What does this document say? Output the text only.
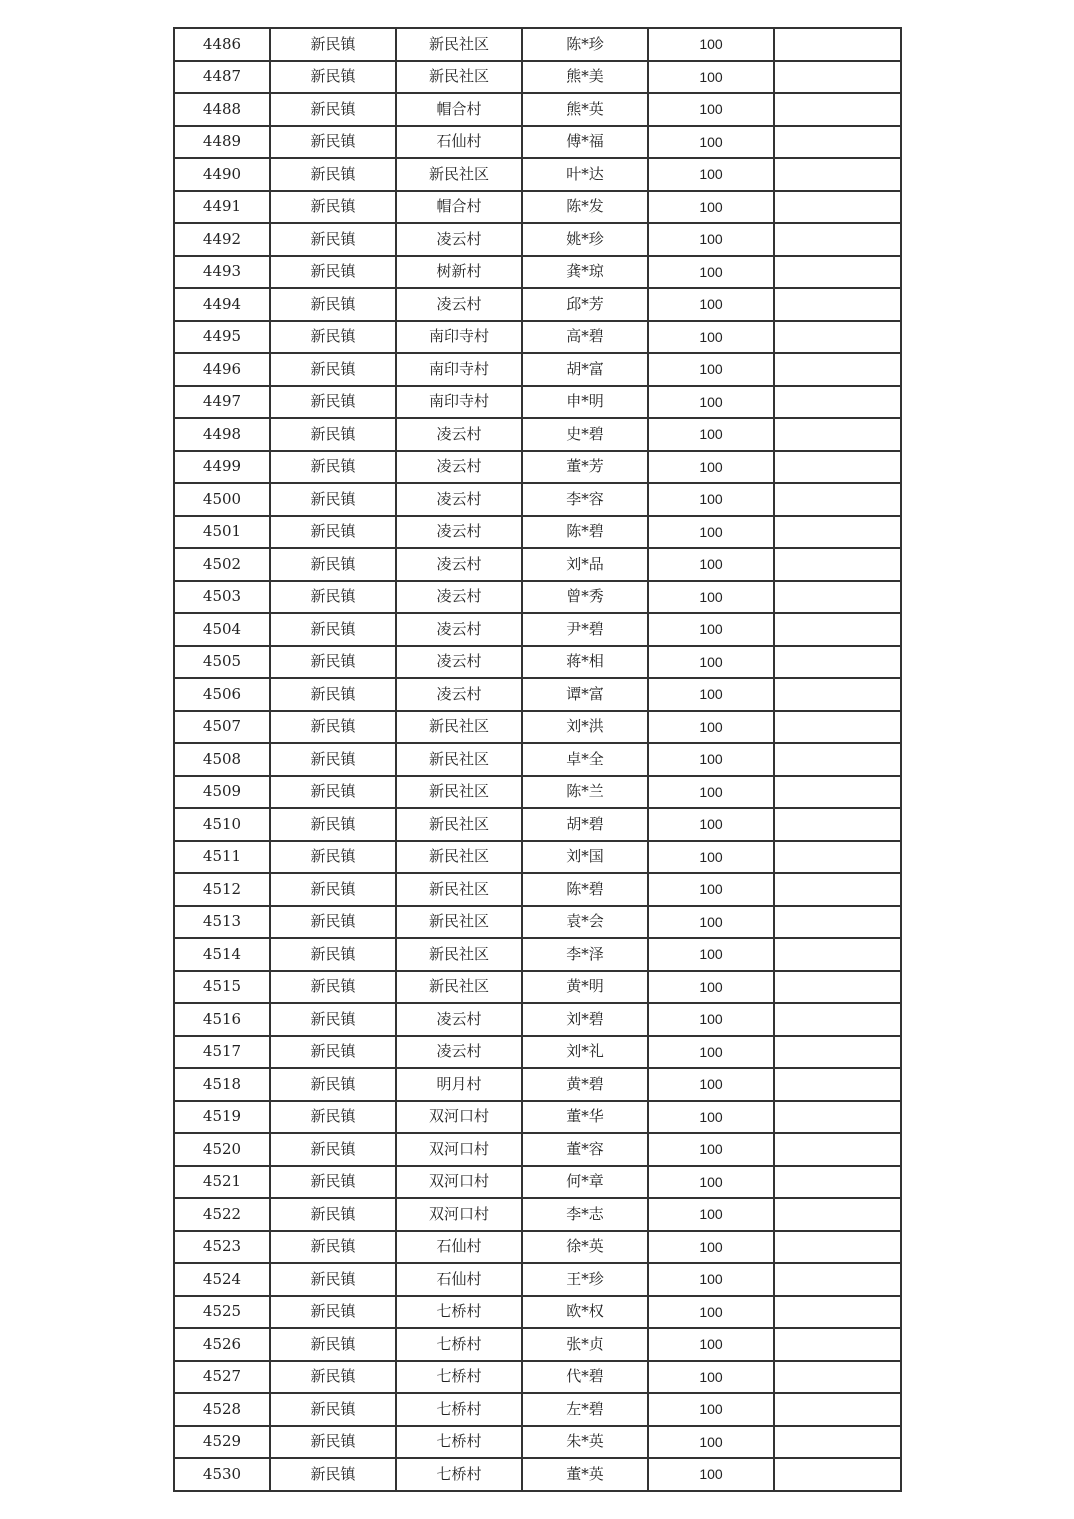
4486	新民镇	新民社区	陈*珍	100
4487	新民镇	新民社区	熊*美	100
4488	新民镇	帽合村	熊*英	100
4489	新民镇	石仙村	傅*福	100
4490	新民镇	新民社区	叶*达	100
4491	新民镇	帽合村	陈*发	100
4492	新民镇	凌云村	姚*珍	100
4493	新民镇	树新村	龚*琼	100
4494	新民镇	凌云村	邱*芳	100
4495	新民镇	南印寺村	高*碧	100
4496	新民镇	南印寺村	胡*富	100
4497	新民镇	南印寺村	申*明	100
4498	新民镇	凌云村	史*碧	100
4499	新民镇	凌云村	董*芳	100
4500	新民镇	凌云村	李*容	100
4501	新民镇	凌云村	陈*碧	100
4502	新民镇	凌云村	刘*品	100
4503	新民镇	凌云村	曾*秀	100
4504	新民镇	凌云村	尹*碧	100
4505	新民镇	凌云村	蒋*相	100
4506	新民镇	凌云村	谭*富	100
4507	新民镇	新民社区	刘*洪	100
4508	新民镇	新民社区	卓*全	100
4509	新民镇	新民社区	陈*兰	100
4510	新民镇	新民社区	胡*碧	100
4511	新民镇	新民社区	刘*国	100
4512	新民镇	新民社区	陈*碧	100
4513	新民镇	新民社区	袁*会	100
4514	新民镇	新民社区	李*泽	100
4515	新民镇	新民社区	黄*明	100
4516	新民镇	凌云村	刘*碧	100
4517	新民镇	凌云村	刘*礼	100
4518	新民镇	明月村	黄*碧	100
4519	新民镇	双河口村	董*华	100
4520	新民镇	双河口村	董*容	100
4521	新民镇	双河口村	何*章	100
4522	新民镇	双河口村	李*志	100
4523	新民镇	石仙村	徐*英	100
4524	新民镇	石仙村	王*珍	100
4525	新民镇	七桥村	欧*权	100
4526	新民镇	七桥村	张*贞	100
4527	新民镇	七桥村	代*碧	100
4528	新民镇	七桥村	左*碧	100
4529	新民镇	七桥村	朱*英	100
4530	新民镇	七桥村	董*英	100
